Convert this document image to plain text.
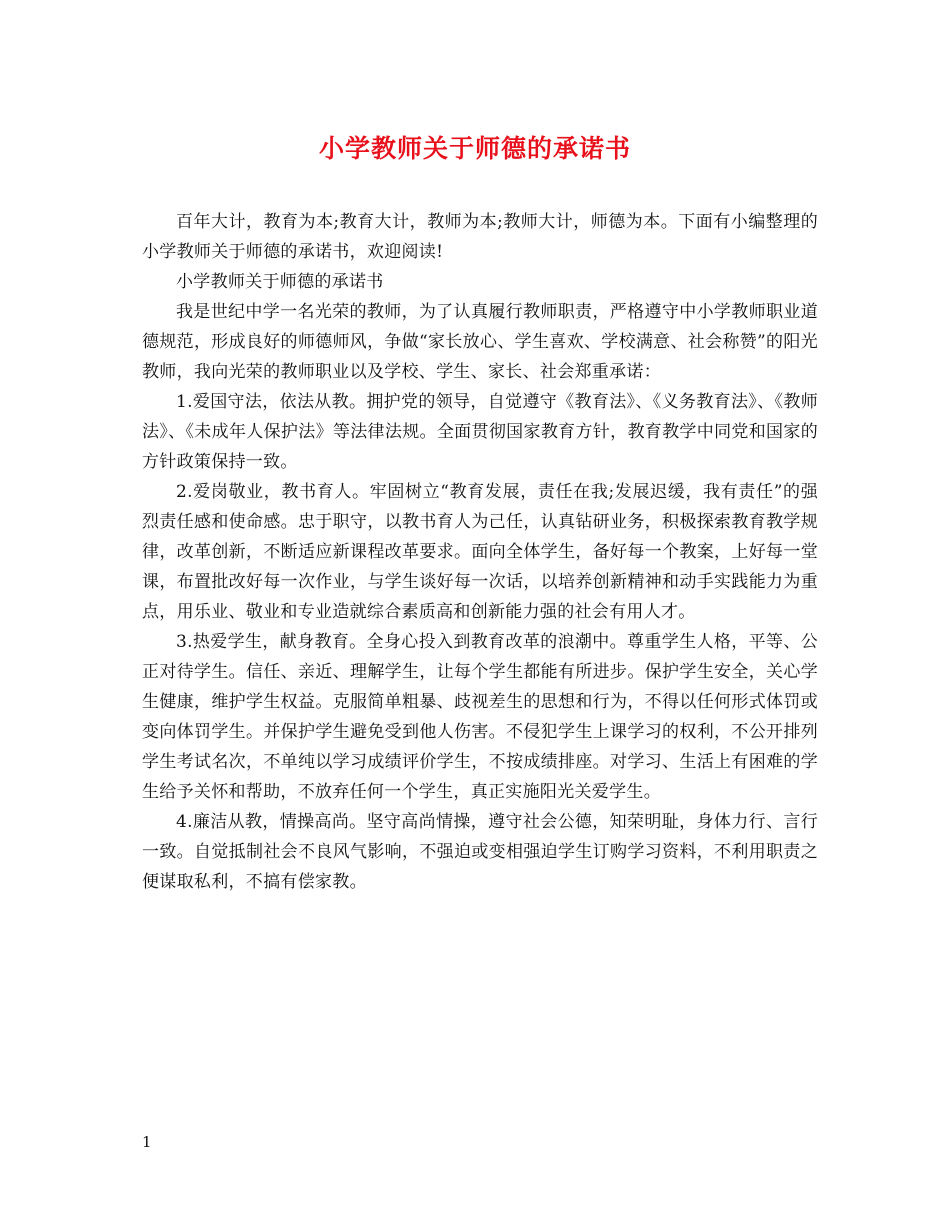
小学教师关于师德的承诺书

百年大计，教育为本;教育大计，教师为本;教师大计，师德为本。下面有小编整理的小学教师关于师德的承诺书，欢迎阅读!

小学教师关于师德的承诺书

我是世纪中学一名光荣的教师，为了认真履行教师职责，严格遵守中小学教师职业道德规范，形成良好的师德师风，争做“家长放心、学生喜欢、学校满意、社会称赞”的阳光教师，我向光荣的教师职业以及学校、学生、家长、社会郑重承诺：

1.爱国守法，依法从教。拥护党的领导，自觉遵守《教育法》、《义务教育法》、《教师法》、《未成年人保护法》等法律法规。全面贯彻国家教育方针，教育教学中同党和国家的方针政策保持一致。

2.爱岗敬业，教书育人。牢固树立“教育发展，责任在我;发展迟缓，我有责任”的强烈责任感和使命感。忠于职守，以教书育人为己任，认真钻研业务，积极探索教育教学规律，改革创新，不断适应新课程改革要求。面向全体学生，备好每一个教案，上好每一堂课，布置批改好每一次作业，与学生谈好每一次话，以培养创新精神和动手实践能力为重点，用乐业、敬业和专业造就综合素质高和创新能力强的社会有用人才。

3.热爱学生，献身教育。全身心投入到教育改革的浪潮中。尊重学生人格，平等、公正对待学生。信任、亲近、理解学生，让每个学生都能有所进步。保护学生安全，关心学生健康，维护学生权益。克服简单粗暴、歧视差生的思想和行为，不得以任何形式体罚或变向体罚学生。并保护学生避免受到他人伤害。不侵犯学生上课学习的权利，不公开排列学生考试名次，不单纯以学习成绩评价学生，不按成绩排座。对学习、生活上有困难的学生给予关怀和帮助，不放弃任何一个学生，真正实施阳光关爱学生。

4.廉洁从教，情操高尚。坚守高尚情操，遵守社会公德，知荣明耻，身体力行、言行一致。自觉抵制社会不良风气影响，不强迫或变相强迫学生订购学习资料，不利用职责之便谋取私利，不搞有偿家教。

1
